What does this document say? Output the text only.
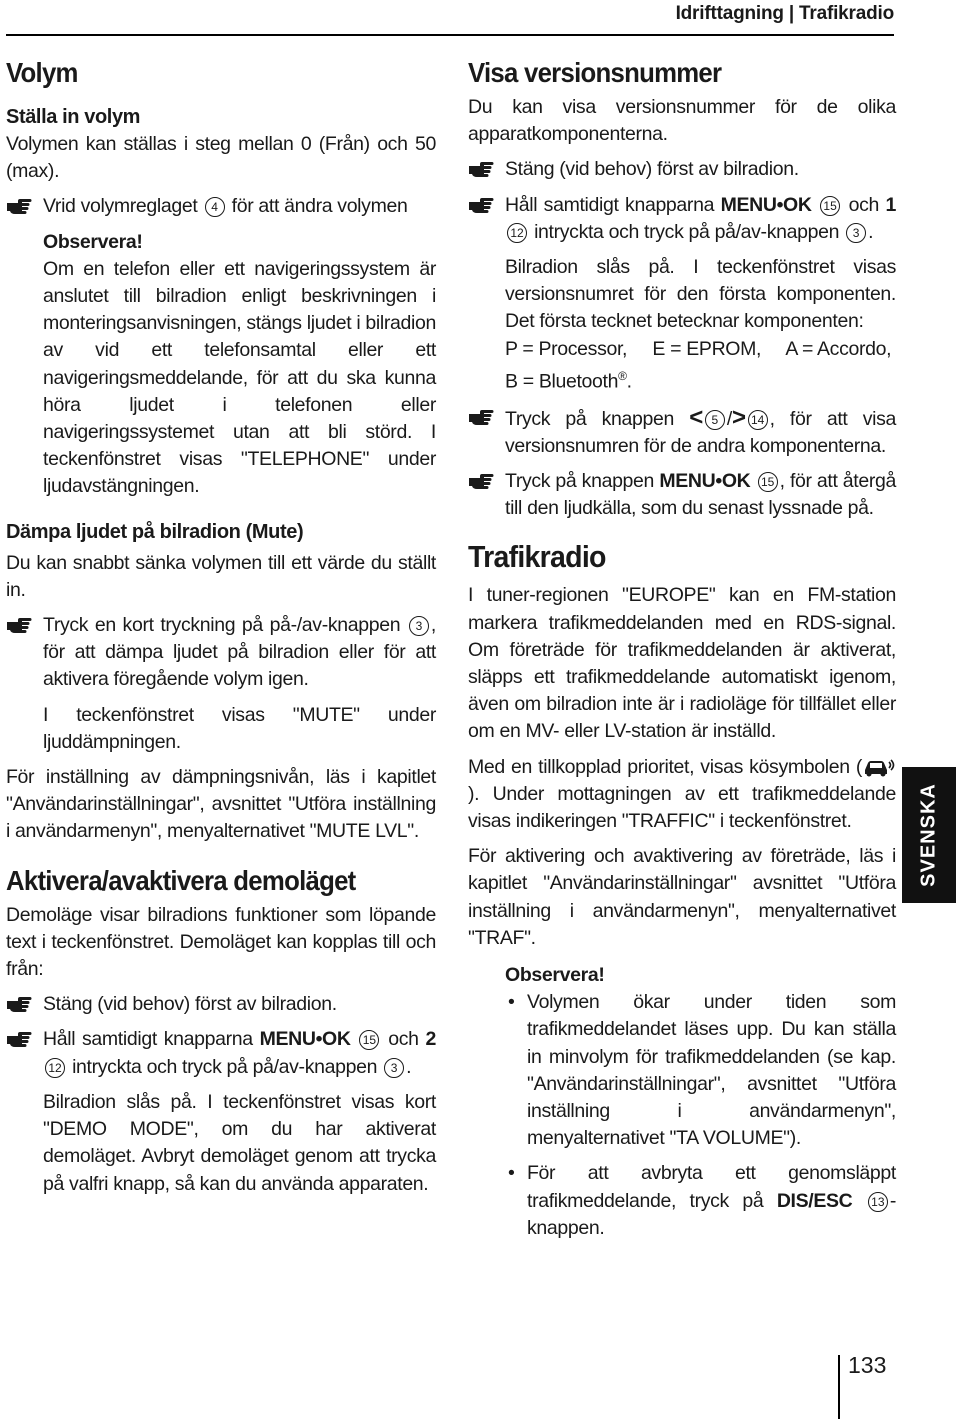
Idrifttagning | Trafikradio
Volym
Ställa in volym

Volymen kan ställas i steg mellan 0 (Från) och 50 (max).

Vrid volymreglaget 4 för att ändra volymen

Observera!

Om en telefon eller ett navigeringssystem är anslutet till bilradion enligt beskrivningen i monteringsanvisningen, stängs ljudet i bilradion av vid ett telefonsamtal eller ett navigeringsmeddelande, för att du ska kunna höra ljudet i telefonen eller navigeringssystemet utan att bli störd. I teckenfönstret visas "TELEPHONE" under ljudavstängningen.

Dämpa ljudet på bilradion (Mute)

Du kan snabbt sänka volymen till ett värde du ställt in.

Tryck en kort tryckning på på-/av-knappen 3 , för att dämpa ljudet på bilradion eller för att aktivera föregående volym igen.

I teckenfönstret visas "MUTE" under ljuddämpningen.

För inställning av dämpningsnivån, läs i kapitlet "Användarinställningar", avsnittet "Utföra inställning i användarmenyn", menyalternativet "MUTE LVL".

Aktivera/avaktivera demoläget

Demoläge visar bilradions funktioner som löpande text i teckenfönstret. Demoläget kan kopplas till och från:

Stäng (vid behov) först av bilradion.

Håll samtidigt knapparna MENU•OK 15 och 2 12 intryckta och tryck på på/av-knappen 3 .

Bilradion slås på. I teckenfönstret visas kort "DEMO MODE", om du har aktiverat demoläget. Avbryt demoläget genom att trycka på valfri knapp, så kan du använda apparaten.

Visa versionsnummer

Du kan visa versionsnummer för de olika apparatkomponenterna.

Stäng (vid behov) först av bilradion.

Håll samtidigt knapparna MENU•OK 15 och 1 12 intryckta och tryck på på/av-knappen 3 .

Bilradion slås på. I teckenfönstret visas versionsnumret för den första komponenten. Det första tecknet betecknar komponenten:

P = Processor,     E = EPROM,     A = Accordo,

B = Bluetooth®.

Tryck på knappen < 5 /> 14 , för att visa versionsnumren för de andra komponenterna.

Tryck på knappen MENU•OK 15 , för att återgå till den ljudkälla, som du senast lyssnade på.

Trafikradio

I tuner-regionen "EUROPE" kan en FM-station markera trafikmeddelanden med en RDS-signal. Om företräde för trafikmeddelanden är aktiverat, släpps ett trafikmeddelande automatiskt igenom, även om bilradion inte är i radioläge för tillfället eller om en MV- eller LV-station är inställd.

Med en tillkopplad prioritet, visas kösymbolen (). Under mottagningen av ett trafikmeddelande visas indikeringen "TRAFFIC" i teckenfönstret.

För aktivering och avaktivering av företräde, läs i kapitlet "Användarinställningar" avsnittet "Utföra inställning i användarmenyn", menyalternativet "TRAF".

Observera!

• Volymen ökar under tiden som trafikmeddelandet läses upp. Du kan ställa in minvolym för trafikmeddelanden (se kap. "Användarinställningar", avsnittet "Utföra inställning i användarmenyn", menyalternativet "TA VOLUME").
• För att avbryta ett genomsläppt trafikmeddelande, tryck på DIS/ESC 13 -knappen.
SVENSKA
133
